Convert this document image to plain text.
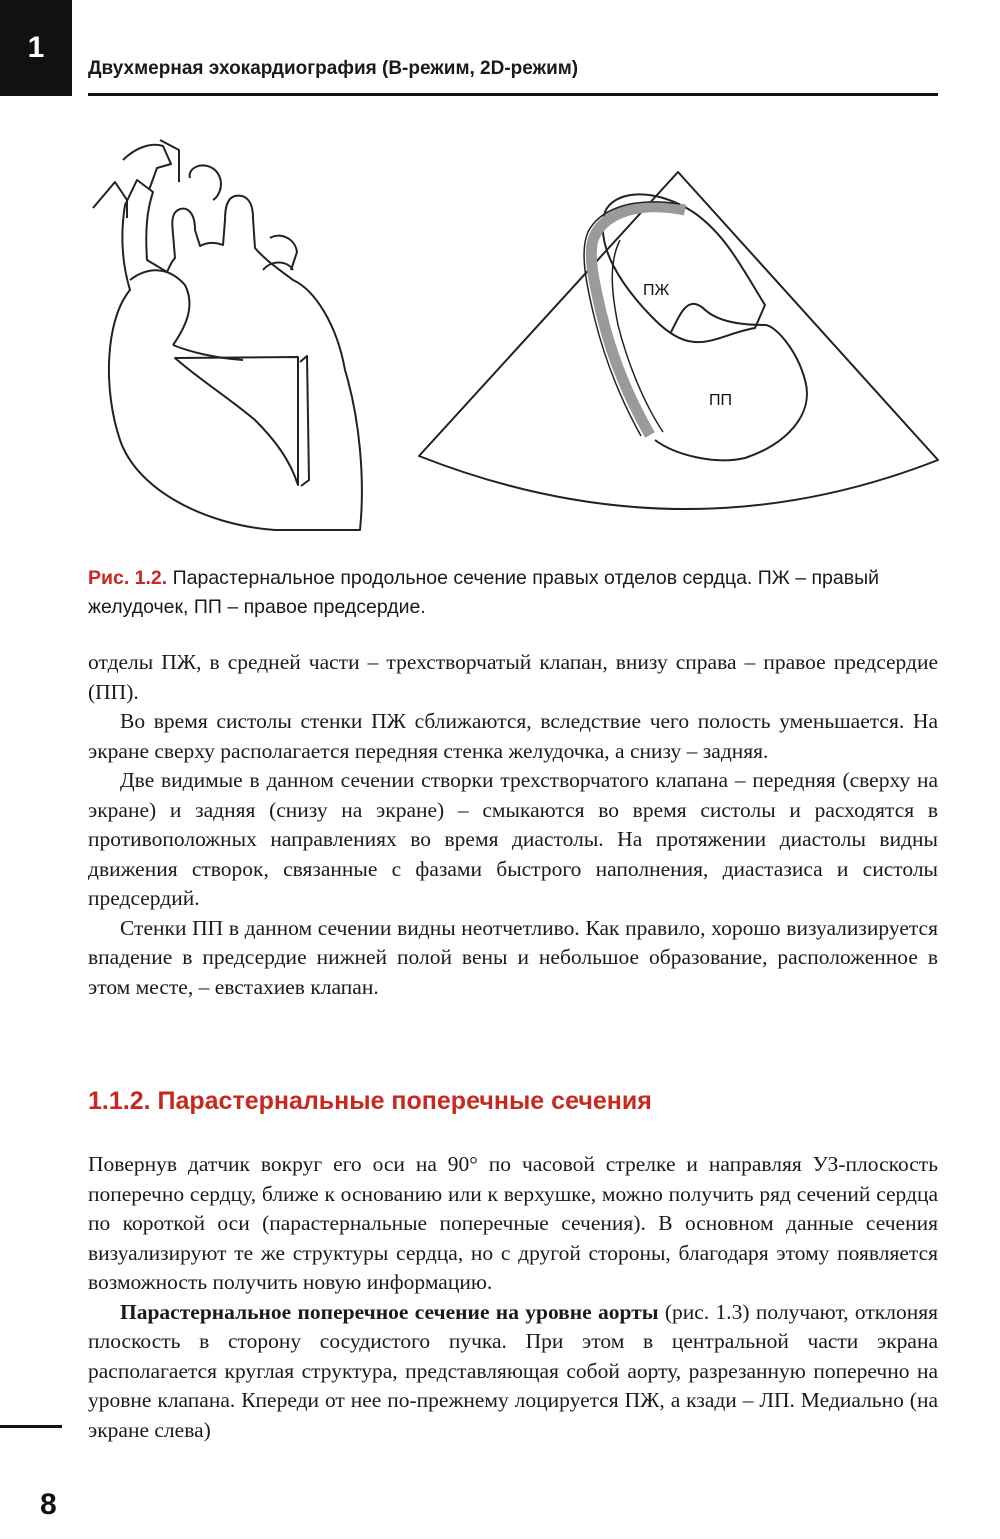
1
Двухмерная эхокардиография (В-режим, 2D-режим)
ПЖ
ПП
Рис. 1.2. Парастернальное продольное сечение правых отделов сердца. ПЖ – правый желудочек, ПП – правое предсердие.

отделы ПЖ, в средней части – трехстворчатый клапан, внизу справа – правое предсердие (ПП).

Во время систолы стенки ПЖ сближаются, вследствие чего полость уменьшается. На экране сверху располагается передняя стенка желудочка, а снизу – задняя.

Две видимые в данном сечении створки трехстворчатого клапана – передняя (сверху на экране) и задняя (снизу на экране) – смыкаются во время систолы и расходятся в противоположных направлениях во время диастолы. На протяжении диастолы видны движения створок, связанные с фазами быстрого наполнения, диастазиса и систолы предсердий.

Стенки ПП в данном сечении видны неотчетливо. Как правило, хорошо визуализируется впадение в предсердие нижней полой вены и небольшое образование, расположенное в этом месте, – евстахиев клапан.

1.1.2. Парастернальные поперечные сечения

Повернув датчик вокруг его оси на 90° по часовой стрелке и направляя УЗ-плоскость поперечно сердцу, ближе к основанию или к верхушке, можно получить ряд сечений сердца по короткой оси (парастернальные поперечные сечения). В основном данные сечения визуализируют те же структуры сердца, но с другой стороны, благодаря этому появляется возможность получить новую информацию.

Парастернальное поперечное сечение на уровне аорты (рис. 1.3) получают, отклоняя плоскость в сторону сосудистого пучка. При этом в центральной части экрана располагается круглая структура, представляющая собой аорту, разрезанную поперечно на уровне клапана. Кпереди от нее по-прежнему лоцируется ПЖ, а кзади – ЛП. Медиально (на экране слева)

8
